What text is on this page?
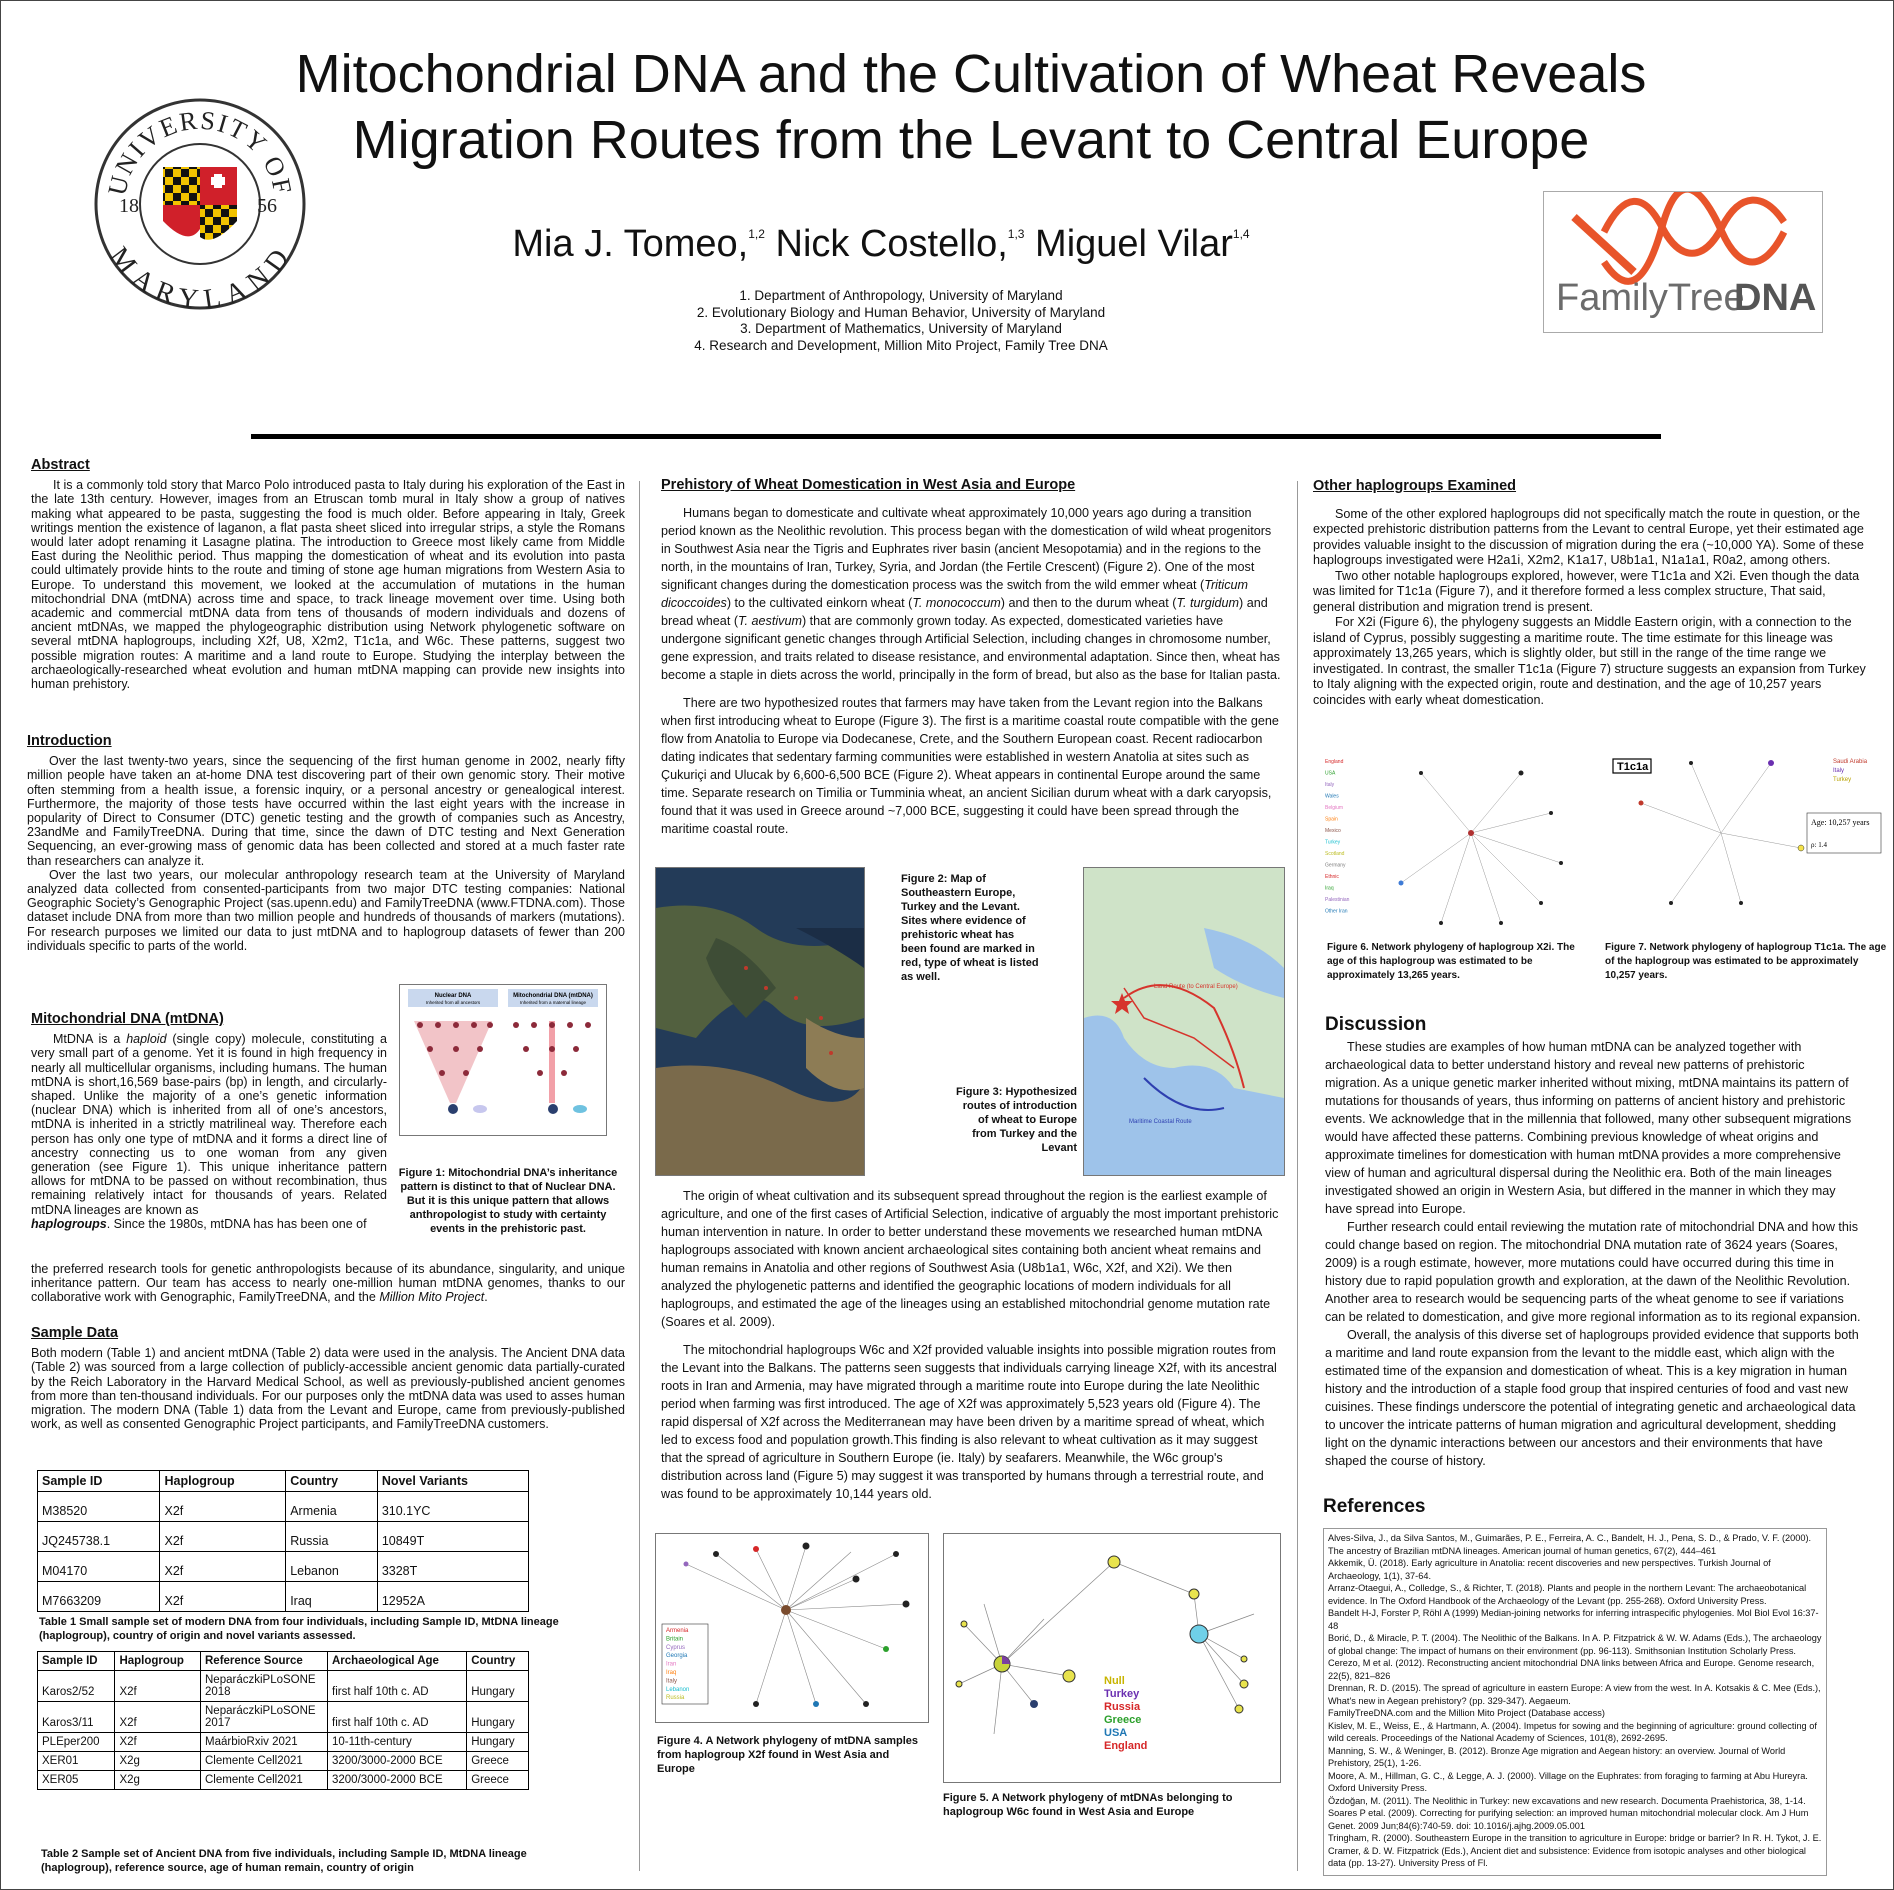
UNIVERSITY OF
MARYLAND
18	56
Mitochondrial DNA and the Cultivation of Wheat Reveals
Migration Routes from the Levant to Central Europe
Mia J. Tomeo,$^{1,2}$ Nick Costello,$^{1,3}$ Miguel Vilar$^{1,4}$
1. Department of Anthropology, University of Maryland
2. Evolutionary Biology and Human Behavior, University of Maryland
3. Department of Mathematics, University of Maryland
4. Research and Development, Million Mito Project, Family Tree DNA
FamilyTree
DNA
Abstract

It is a commonly told story that Marco Polo introduced pasta to Italy during his exploration of the East in the late 13th century. However, images from an Etruscan tomb mural in Italy show a group of natives making what appeared to be pasta, suggesting the food is much older. Before appearing in Italy, Greek writings mention the existence of laganon, a flat pasta sheet sliced into irregular strips, a style the Romans would later adopt renaming it Lasagne platina. The introduction to Greece most likely came from Middle East during the Neolithic period. Thus mapping the domestication of wheat and its evolution into pasta could ultimately provide hints to the route and timing of stone age human migrations from Western Asia to Europe. To understand this movement, we looked at the accumulation of mutations in the human mitochondrial DNA (mtDNA) across time and space, to track lineage movement over time. Using both academic and commercial mtDNA data from tens of thousands of modern individuals and dozens of ancient mtDNAs, we mapped the phylogeographic distribution using Network phylogenetic software on several mtDNA haplogroups, including X2f, U8, X2m2, T1c1a, and W6c. These patterns, suggest two possible migration routes: A maritime and a land route to Europe. Studying the interplay between the archaeologically-researched wheat evolution and human mtDNA mapping can provide new insights into human prehistory.

Introduction

Over the last twenty-two years, since the sequencing of the first human genome in 2002, nearly fifty million people have taken an at-home DNA test discovering part of their own genomic story. Their motive often stemming from a health issue, a forensic inquiry, or a personal ancestry or genealogical interest. Furthermore, the majority of those tests have occurred within the last eight years with the increase in popularity of Direct to Consumer (DTC) genetic testing and the growth of companies such as Ancestry, 23andMe and FamilyTreeDNA. During that time, since the dawn of DTC testing and Next Generation Sequencing, an ever-growing mass of genomic data has been collected and stored at a much faster rate than researchers can analyze it.

Over the last two years, our molecular anthropology research team at the University of Maryland analyzed data collected from consented-participants from two major DTC testing companies: National Geographic Society’s Genographic Project (sas.upenn.edu) and FamilyTreeDNA (www.FTDNA.com). Those dataset include DNA from more than two million people and hundreds of thousands of markers (mutations). For research purposes we limited our data to just mtDNA and to haplogroup datasets of fewer than 200 individuals specific to parts of the world.

Mitochondrial DNA (mtDNA)

MtDNA is a haploid (single copy) molecule, constituting a very small part of a genome. Yet it is found in high frequency in nearly all multicellular organisms, including humans. The human mtDNA is short,16,569 base-pairs (bp) in length, and circularly-shaped. Unlike the majority of a one’s genetic information (nuclear DNA) which is inherited from all of one’s ancestors, mtDNA is inherited in a strictly matrilineal way. Therefore each person has only one type of mtDNA and it forms a direct line of ancestry connecting us to one woman from any given generation (see Figure 1). This unique inheritance pattern allows for mtDNA to be passed on without recombination, thus remaining relatively intact for thousands of years. Related mtDNA lineages are known as
haplogroups. Since the 1980s, mtDNA has has been one of

the preferred research tools for genetic anthropologists because of its abundance, singularity, and unique inheritance pattern. Our team has access to nearly one-million human mtDNA genomes, thanks to our collaborative work with Genographic, FamilyTreeDNA, and the Million Mito Project.

Nuclear DNA
Inherited from all ancestors
Mitochondrial DNA (mtDNA)
Inherited from a maternal lineage
Figure 1: Mitochondrial DNA’s inheritance pattern is distinct to that of Nuclear DNA. But it is this unique pattern that allows anthropologist to study with certainty events in the prehistoric past.
Sample Data

Both modern (Table 1) and ancient mtDNA (Table 2) data were used in the analysis. The Ancient DNA data (Table 2) was sourced from a large collection of publicly-accessible ancient genomic data partially-curated by the Reich Laboratory in the Harvard Medical School, as well as previously-published ancient genomes from more than ten-thousand individuals. For our purposes only the mtDNA data was used to asses human migration. The modern DNA (Table 1) data from the Levant and Europe, came from previously-published work, as well as consented Genographic Project participants, and FamilyTreeDNA customers.

Sample ID	Haplogroup	Country	Novel Variants
M38520	X2f	Armenia	310.1YC
JQ245738.1	X2f	Russia	10849T
M04170	X2f	Lebanon	3328T
M7663209	X2f	Iraq	12952A
Table 1 Small sample set of modern DNA from four individuals, including Sample ID, MtDNA lineage (haplogroup), country of origin and novel variants assessed.
Sample ID	Haplogroup	Reference Source	Archaeological Age	Country
Karos2/52	X2f	NeparáczkiPLoSONE 2018	first half 10th c. AD	Hungary
Karos3/11	X2f	NeparáczkiPLoSONE 2017	first half 10th c. AD	Hungary
PLEper200	X2f	MaárbioRxiv 2021	10-11th-century	Hungary
XER01	X2g	Clemente Cell2021	3200/3000-2000 BCE	Greece
XER05	X2g	Clemente Cell2021	3200/3000-2000 BCE	Greece
Table 2 Sample set of Ancient DNA from five individuals, including Sample ID, MtDNA lineage (haplogroup), reference source, age of human remain, country of origin
Prehistory of Wheat Domestication in West Asia and Europe

Humans began to domesticate and cultivate wheat approximately 10,000 years ago during a transition period known as the Neolithic revolution. This process began with the domestication of wild wheat progenitors in Southwest Asia near the Tigris and Euphrates river basin (ancient Mesopotamia) and in the regions to the north, in the mountains of Iran, Turkey, Syria, and Jordan (the Fertile Crescent) (Figure 2). One of the most significant changes during the domestication process was the switch from the wild emmer wheat (Triticum dicoccoides) to the cultivated einkorn wheat (T. monococcum) and then to the durum wheat (T. turgidum) and bread wheat (T. aestivum) that are commonly grown today. As expected, domesticated varieties have undergone significant genetic changes through Artificial Selection, including changes in chromosome number, gene expression, and traits related to disease resistance, and environmental adaptation. Since then, wheat has become a staple in diets across the world, principally in the form of bread, but also as the base for Italian pasta.

There are two hypothesized routes that farmers may have taken from the Levant region into the Balkans when first introducing wheat to Europe (Figure 3). The first is a maritime coastal route compatible with the gene flow from Anatolia to Europe via Dodecanese, Crete, and the Southern European coast. Recent radiocarbon dating indicates that sedentary farming communities were established in western Anatolia at sites such as Çukuriçi and Ulucak by 6,600-6,500 BCE (Figure 2). Wheat appears in continental Europe around the same time. Separate research on Timilia or Tumminia wheat, an ancient Sicilian durum wheat with a dark caryopsis, found that it was used in Greece around ~7,000 BCE, suggesting it could have been spread through the maritime coastal route.

Figure 2: Map of Southeastern Europe, Turkey and the Levant. Sites where evidence of prehistoric wheat has been found are marked in red, type of wheat is listed as well.
Maritime Coastal Route
Land Route (to Central Europe)
Figure 3: Hypothesized routes of introduction of wheat to Europe from Turkey and the Levant

The origin of wheat cultivation and its subsequent spread throughout the region is the earliest example of agriculture, and one of the first cases of Artificial Selection, indicative of arguably the most important prehistoric human intervention in nature. In order to better understand these movements we researched human mtDNA haplogroups associated with known ancient archaeological sites containing both ancient wheat remains and human remains in Anatolia and other regions of Southwest Asia (U8b1a1, W6c, X2f, and X2i). We then analyzed the phylogenetic patterns and identified the geographic locations of modern individuals for all haplogroups, and estimated the age of the lineages using an established mitochondrial genome mutation rate (Soares et al. 2009).

The mitochondrial haplogroups W6c and X2f provided valuable insights into possible migration routes from the Levant into the Balkans. The patterns seen suggests that individuals carrying lineage X2f, with its ancestral roots in Iran and Armenia, may have migrated through a maritime route into Europe during the late Neolithic period when farming was first introduced. The age of X2f was approximately 5,523 years old (Figure 4). The rapid dispersal of X2f across the Mediterranean may have been driven by a maritime spread of wheat, which led to excess food and population growth.This finding is also relevant to wheat cultivation as it may suggest that the spread of agriculture in Southern Europe (ie. Italy) by seafarers. Meanwhile, the W6c group's distribution across land (Figure 5) may suggest it was transported by humans through a terrestrial route, and was found to be approximately 10,144 years old.

Armenia
Britain
Cyprus
Georgia
Iran
Iraq
Italy
Lebanon
Russia
Figure 4. A Network phylogeny of mtDNA samples from haplogroup X2f found in West Asia and Europe
Null
Turkey
Russia
Greece
USA
England
Figure 5. A Network phylogeny of mtDNAs belonging to haplogroup W6c found in West Asia and Europe
Other haplogroups Examined

Some of the other explored haplogroups did not specifically match the route in question, or the expected prehistoric distribution patterns from the Levant to central Europe, yet their estimated age provides valuable insight to the discussion of migration during the era (~10,000 YA). Some of these haplogroups investigated were H2a1i, X2m2, K1a17, U8b1a1, N1a1a1, R0a2, among others.

Two other notable haplogroups explored, however, were T1c1a and X2i. Even though the data was limited for T1c1a (Figure 7), and it therefore formed a less complex structure, That said, general distribution and migration trend is present.

For X2i (Figure 6), the phylogeny suggests an Middle Eastern origin, with a connection to the island of Cyprus, possibly suggesting a maritime route. The time estimate for this lineage was approximately 13,265 years, which is slightly older, but still in the range of the time range we investigated. In contrast, the smaller T1c1a (Figure 7) structure suggests an expansion from Turkey to Italy aligning with the expected origin, route and destination, and the age of 10,257 years coincides with early wheat domestication.

England
USA
Italy
Wales
Belgium
Spain
Mexico
Turkey
Scotland
Germany
Ethnic
Iraq
Palestinian
Other Iran
Figure 6. Network phylogeny of haplogroup X2i. The age of this haplogroup was estimated to be approximately 13,265 years.
T1c1a	Saudi Arabia
Italy
Turkey
Age: 10,257 years
ρ: 1.4
Figure 7. Network phylogeny of haplogroup T1c1a. The age of the haplogroup was estimated to be approximately 10,257 years.
Discussion

These studies are examples of how human mtDNA can be analyzed together with archaeological data to better understand history and reveal new patterns of prehistoric migration. As a unique genetic marker inherited without mixing, mtDNA maintains its pattern of mutations for thousands of years, thus informing on patterns of ancient history and prehistoric events. We acknowledge that in the millennia that followed, many other subsequent migrations would have affected these patterns. Combining previous knowledge of wheat origins and approximate timelines for domestication with human mtDNA provides a more comprehensive view of human and agricultural dispersal during the Neolithic era. Both of the main lineages investigated showed an origin in Western Asia, but differed in the manner in which they may have spread into Europe.

Further research could entail reviewing the mutation rate of mitochondrial DNA and how this could change based on region. The mitochondrial DNA mutation rate of 3624 years (Soares, 2009) is a rough estimate, however, more mutations could have occurred during this time in history due to rapid population growth and exploration, at the dawn of the Neolithic Revolution. Another area to research would be sequencing parts of the wheat genome to see if variations can be related to domestication, and give more regional information as to its regional expansion.

Overall, the analysis of this diverse set of haplogroups provided evidence that supports both a maritime and land route expansion from the levant to the middle east, which align with the estimated time of the expansion and domestication of wheat. This is a key migration in human history and the introduction of a staple food group that inspired centuries of food and vast new cuisines. These findings underscore the potential of integrating genetic and archaeological data to uncover the intricate patterns of human migration and agricultural development, shedding light on the dynamic interactions between our ancestors and their environments that have shaped the course of history.

References
Alves-Silva, J., da Silva Santos, M., Guimarães, P. E., Ferreira, A. C., Bandelt, H. J., Pena, S. D., & Prado, V. F. (2000). The ancestry of Brazilian mtDNA lineages. American journal of human genetics, 67(2), 444–461
Akkemik, Ü. (2018). Early agriculture in Anatolia: recent discoveries and new perspectives. Turkish Journal of Archaeology, 1(1), 37-64.
Arranz-Otaegui, A., Colledge, S., & Richter, T. (2018). Plants and people in the northern Levant: The archaeobotanical evidence. In The Oxford Handbook of the Archaeology of the Levant (pp. 255-268). Oxford University Press.
Bandelt H-J, Forster P, Röhl A (1999) Median-joining networks for inferring intraspecific phylogenies. Mol Biol Evol 16:37-48
Borić, D., & Miracle, P. T. (2004). The Neolithic of the Balkans. In A. P. Fitzpatrick & W. W. Adams (Eds.), The archaeology of global change: The impact of humans on their environment (pp. 96-113). Smithsonian Institution Scholarly Press.
Cerezo, M et al. (2012). Reconstructing ancient mitochondrial DNA links between Africa and Europe. Genome research, 22(5), 821–826
Drennan, R. D. (2015). The spread of agriculture in eastern Europe: A view from the west. In A. Kotsakis & C. Mee (Eds.), What's new in Aegean prehistory? (pp. 329-347). Aegaeum.
FamilyTreeDNA.com and the Million Mito Project (Database access)
Kislev, M. E., Weiss, E., & Hartmann, A. (2004). Impetus for sowing and the beginning of agriculture: ground collecting of wild cereals. Proceedings of the National Academy of Sciences, 101(8), 2692-2695.
Manning, S. W., & Weninger, B. (2012). Bronze Age migration and Aegean history: an overview. Journal of World Prehistory, 25(1), 1-26.
Moore, A. M., Hillman, G. C., & Legge, A. J. (2000). Village on the Euphrates: from foraging to farming at Abu Hureyra. Oxford University Press.
Özdoğan, M. (2011). The Neolithic in Turkey: new excavations and new research. Documenta Praehistorica, 38, 1-14.
Soares P etal. (2009). Correcting for purifying selection: an improved human mitochondrial molecular clock. Am J Hum Genet. 2009 Jun;84(6):740-59. doi: 10.1016/j.ajhg.2009.05.001
Tringham, R. (2000). Southeastern Europe in the transition to agriculture in Europe: bridge or barrier? In R. H. Tykot, J. E. Cramer, & D. W. Fitzpatrick (Eds.), Ancient diet and subsistence: Evidence from isotopic analyses and other biological data (pp. 13-27). University Press of Fl.
